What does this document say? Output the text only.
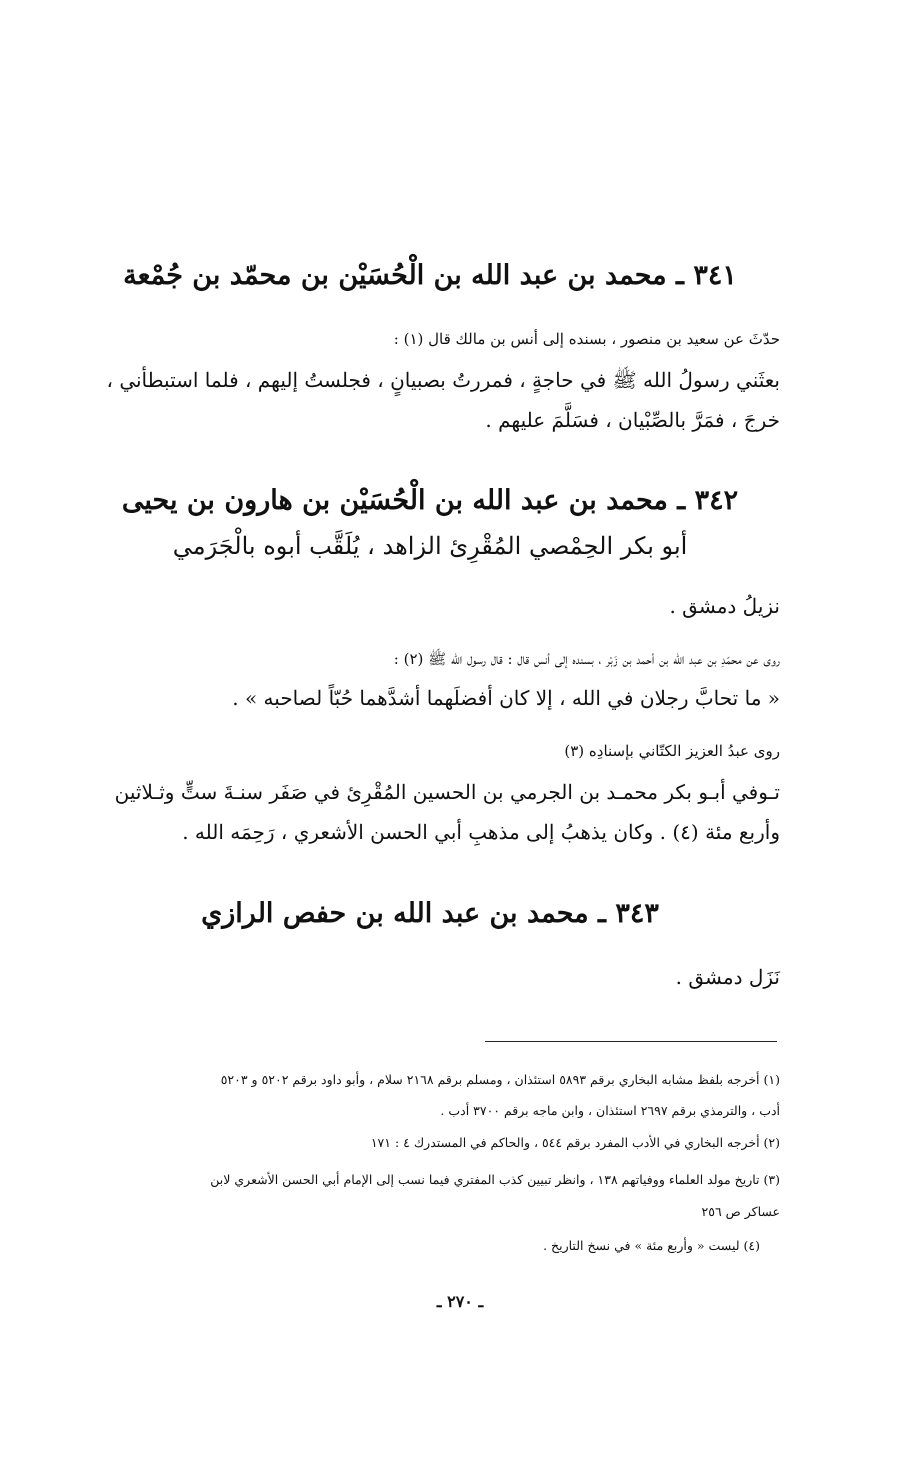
٣٤١ ـ محمد بن عبد الله بن الْحُسَيْن بن محمّد بن جُمْعة
حدّثَ عن سعيد بن منصور ، بسنده إلى أنس بن مالك قال (١) :
بعثَني رسولُ الله ﷺ في حاجةٍ ، فمررتُ بصبيانٍ ، فجلستُ إليهم ، فلما استبطأني ،
خرجَ ، فمَرَّ بالصِّبْيان ، فسَلَّمَ عليهم .
٣٤٢ ـ محمد بن عبد الله بن الْحُسَيْن بن هارون بن يحيى
أبو بكر الحِمْصي المُقْرِئ الزاهد ، يُلَقَّب أبوه بالْجَرَمي
نزيلُ دمشق .
روى عن محمّدِ بن عبد الله بن أحمد بن زَبْر ، بسنده إلى أنس قال : قال رسول الله ﷺ (٢) :
« ما تحابَّ رجلان في الله ، إلا كان أفضلَهما أشدَّهما حُبّاً لصاحبه » .
روى عبدُ العزيز الكتّاني بإسنادِه (٣)
تـوفي أبـو بكر محمـد بن الجرمي بن الحسين المُقْرِئ في صَفَر سنـةَ ستٍّ وثـلاثين
وأربع مئة (٤) . وكان يذهبُ إلى مذهبِ أبي الحسن الأشعري ، رَحِمَه الله .
٣٤٣ ـ محمد بن عبد الله بن حفص الرازي
نَزَل دمشق .
(١) أخرجه بلفظ مشابه البخاري برقم ٥٨٩٣ استئذان ، ومسلم برقم ٢١٦٨ سلام ، وأبو داود برقم ٥٢٠٢ و ٥٢٠٣
أدب ، والترمذي برقم ٢٦٩٧ استئذان ، وابن ماجه برقم ٣٧٠٠ أدب .
(٢) أخرجه البخاري في الأدب المفرد برقم ٥٤٤ ، والحاكم في المستدرك ٤ : ١٧١
(٣) تاريخ مولد العلماء ووفياتهم ١٣٨ ، وانظر تبيين كذب المفتري فيما نسب إلى الإمام أبي الحسن الأشعري لابن
عساكر ص ٢٥٦
(٤) ليست « وأربع مئة » في نسخ التاريخ .
ـ ٢٧٠ ـ
